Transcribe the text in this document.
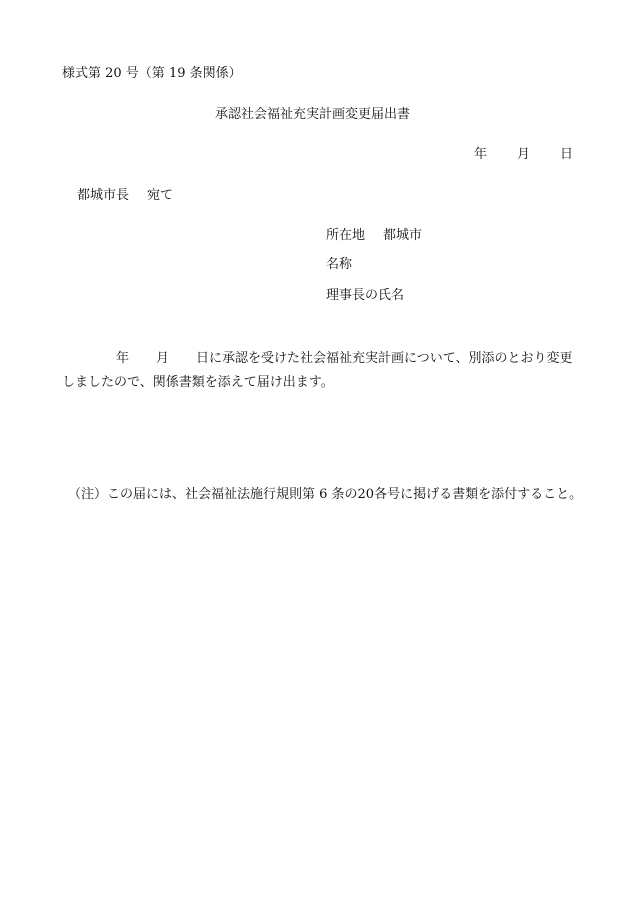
様式第 20 号（第 19 条関係）
承認社会福祉充実計画変更届出書
年 月 日
都城市長 宛て
所在地 都城市
名称
理事長の氏名
年 月 日に承認を受けた社会福祉充実計画について、別添のとおり変更しましたので、関係書類を添えて届け出ます。
（注）この届には、社会福祉法施行規則第 6 条の20各号に掲げる書類を添付すること。
